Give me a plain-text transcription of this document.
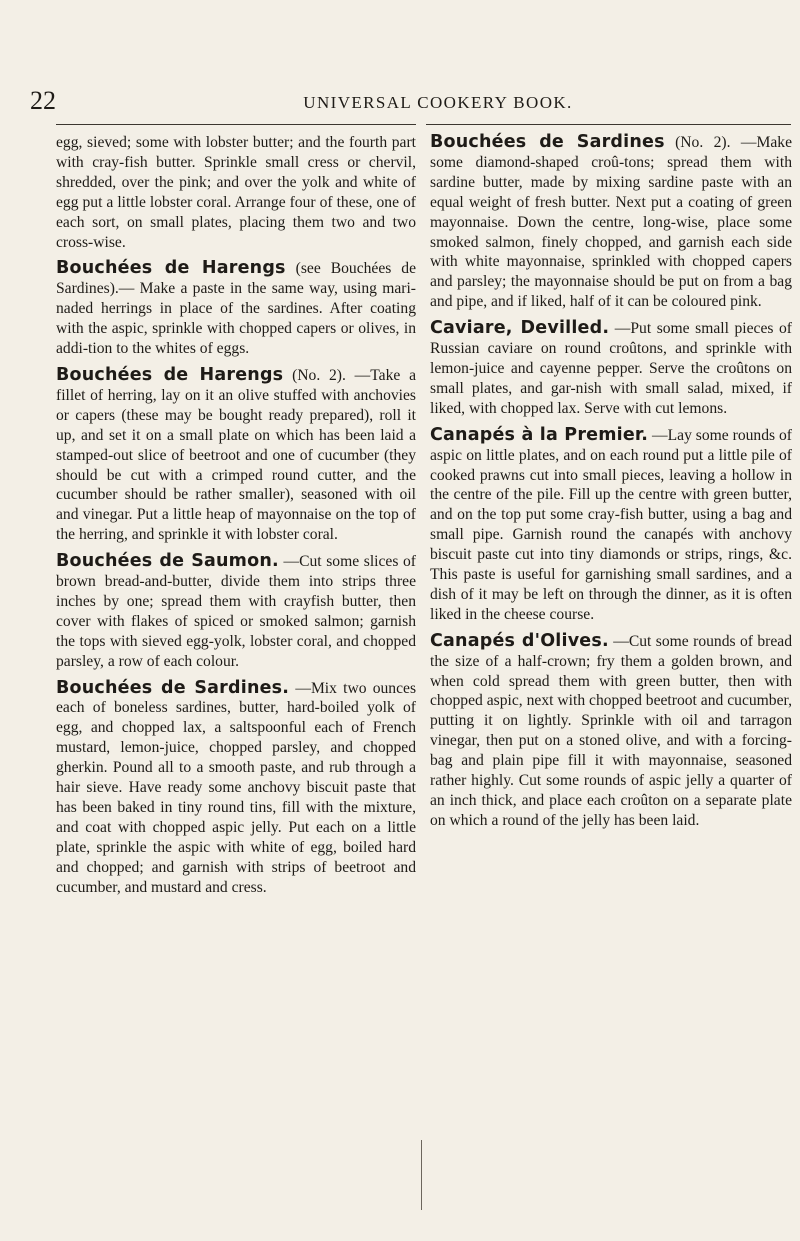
22	UNIVERSAL COOKERY BOOK.

egg, sieved; some with lobster butter; and the fourth part with cray-fish butter. Sprinkle small cress or chervil, shredded, over the pink; and over the yolk and white of egg put a little lobster coral. Arrange four of these, one of each sort, on small plates, placing them two and two cross-wise.

Bouchées de Harengs (see Bouchées de Sardines).— Make a paste in the same way, using mari-naded herrings in place of the sardines. After coating with the aspic, sprinkle with chopped capers or olives, in addi-tion to the whites of eggs.

Bouchées de Harengs (No. 2). —Take a fillet of herring, lay on it an olive stuffed with anchovies or capers (these may be bought ready prepared), roll it up, and set it on a small plate on which has been laid a stamped-out slice of beetroot and one of cucumber (they should be cut with a crimped round cutter, and the cucumber should be rather smaller), seasoned with oil and vinegar. Put a little heap of mayonnaise on the top of the herring, and sprinkle it with lobster coral.

Bouchées de Saumon. —Cut some slices of brown bread-and-butter, divide them into strips three inches by one; spread them with crayfish butter, then cover with flakes of spiced or smoked salmon; garnish the tops with sieved egg-yolk, lobster coral, and chopped parsley, a row of each colour.

Bouchées de Sardines. —Mix two ounces each of boneless sardines, butter, hard-boiled yolk of egg, and chopped lax, a saltspoonful each of French mustard, lemon-juice, chopped parsley, and chopped gherkin. Pound all to a smooth paste, and rub through a hair sieve. Have ready some anchovy biscuit paste that has been baked in tiny round tins, fill with the mixture, and coat with chopped aspic jelly. Put each on a little plate, sprinkle the aspic with white of egg, boiled hard and chopped; and garnish with strips of beetroot and cucumber, and mustard and cress.

Bouchées de Sardines (No. 2). —Make some diamond-shaped croû-tons; spread them with sardine butter, made by mixing sardine paste with an equal weight of fresh butter. Next put a coating of green mayonnaise. Down the centre, long-wise, place some smoked salmon, finely chopped, and garnish each side with white mayonnaise, sprinkled with chopped capers and parsley; the mayonnaise should be put on from a bag and pipe, and if liked, half of it can be coloured pink.

Caviare, Devilled. —Put some small pieces of Russian caviare on round croûtons, and sprinkle with lemon-juice and cayenne pepper. Serve the croûtons on small plates, and gar-nish with small salad, mixed, if liked, with chopped lax. Serve with cut lemons.

Canapés à la Premier. —Lay some rounds of aspic on little plates, and on each round put a little pile of cooked prawns cut into small pieces, leaving a hollow in the centre of the pile. Fill up the centre with green butter, and on the top put some cray-fish butter, using a bag and small pipe. Garnish round the canapés with anchovy biscuit paste cut into tiny diamonds or strips, rings, &c. This paste is useful for garnishing small sardines, and a dish of it may be left on through the dinner, as it is often liked in the cheese course.

Canapés d'Olives. —Cut some rounds of bread the size of a half-crown; fry them a golden brown, and when cold spread them with green butter, then with chopped aspic, next with chopped beetroot and cucumber, putting it on lightly. Sprinkle with oil and tarragon vinegar, then put on a stoned olive, and with a forcing-bag and plain pipe fill it with mayonnaise, seasoned rather highly. Cut some rounds of aspic jelly a quarter of an inch thick, and place each croûton on a separate plate on which a round of the jelly has been laid.
